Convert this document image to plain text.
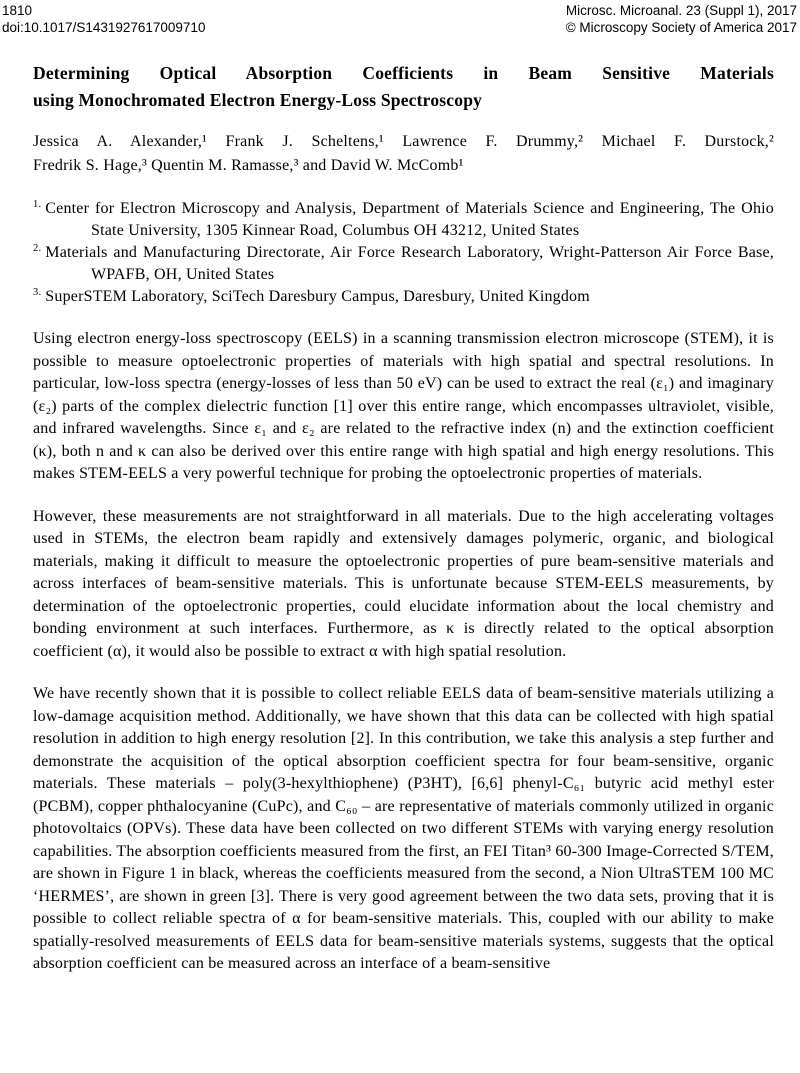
1810
doi:10.1017/S1431927617009710
Microsc. Microanal. 23 (Suppl 1), 2017
© Microscopy Society of America 2017
Determining Optical Absorption Coefficients in Beam Sensitive Materials
using Monochromated Electron Energy-Loss Spectroscopy
Jessica A. Alexander,¹ Frank J. Scheltens,¹ Lawrence F. Drummy,² Michael F. Durstock,²
Fredrik S. Hage,³ Quentin M. Ramasse,³ and David W. McComb¹

$^{1.}$ Center for Electron Microscopy and Analysis, Department of Materials Science and Engineering, The Ohio State University, 1305 Kinnear Road, Columbus OH 43212, United States

$^{2.}$ Materials and Manufacturing Directorate, Air Force Research Laboratory, Wright-Patterson Air Force Base, WPAFB, OH, United States

$^{3.}$ SuperSTEM Laboratory, SciTech Daresbury Campus, Daresbury, United Kingdom

Using electron energy-loss spectroscopy (EELS) in a scanning transmission electron microscope (STEM), it is possible to measure optoelectronic properties of materials with high spatial and spectral resolutions. In particular, low-loss spectra (energy-losses of less than 50 eV) can be used to extract the real (ε₁) and imaginary (ε₂) parts of the complex dielectric function [1] over this entire range, which encompasses ultraviolet, visible, and infrared wavelengths. Since ε₁ and ε₂ are related to the refractive index (n) and the extinction coefficient (κ), both n and κ can also be derived over this entire range with high spatial and high energy resolutions. This makes STEM-EELS a very powerful technique for probing the optoelectronic properties of materials.

However, these measurements are not straightforward in all materials. Due to the high accelerating voltages used in STEMs, the electron beam rapidly and extensively damages polymeric, organic, and biological materials, making it difficult to measure the optoelectronic properties of pure beam-sensitive materials and across interfaces of beam-sensitive materials. This is unfortunate because STEM-EELS measurements, by determination of the optoelectronic properties, could elucidate information about the local chemistry and bonding environment at such interfaces. Furthermore, as κ is directly related to the optical absorption coefficient (α), it would also be possible to extract α with high spatial resolution.

We have recently shown that it is possible to collect reliable EELS data of beam-sensitive materials utilizing a low-damage acquisition method. Additionally, we have shown that this data can be collected with high spatial resolution in addition to high energy resolution [2]. In this contribution, we take this analysis a step further and demonstrate the acquisition of the optical absorption coefficient spectra for four beam-sensitive, organic materials. These materials – poly(3-hexylthiophene) (P3HT), [6,6] phenyl-C₆₁ butyric acid methyl ester (PCBM), copper phthalocyanine (CuPc), and C₆₀ – are representative of materials commonly utilized in organic photovoltaics (OPVs). These data have been collected on two different STEMs with varying energy resolution capabilities. The absorption coefficients measured from the first, an FEI Titan³ 60-300 Image-Corrected S/TEM, are shown in Figure 1 in black, whereas the coefficients measured from the second, a Nion UltraSTEM 100 MC ‘HERMES’, are shown in green [3]. There is very good agreement between the two data sets, proving that it is possible to collect reliable spectra of α for beam-sensitive materials. This, coupled with our ability to make spatially-resolved measurements of EELS data for beam-sensitive materials systems, suggests that the optical absorption coefficient can be measured across an interface of a beam-sensitive
